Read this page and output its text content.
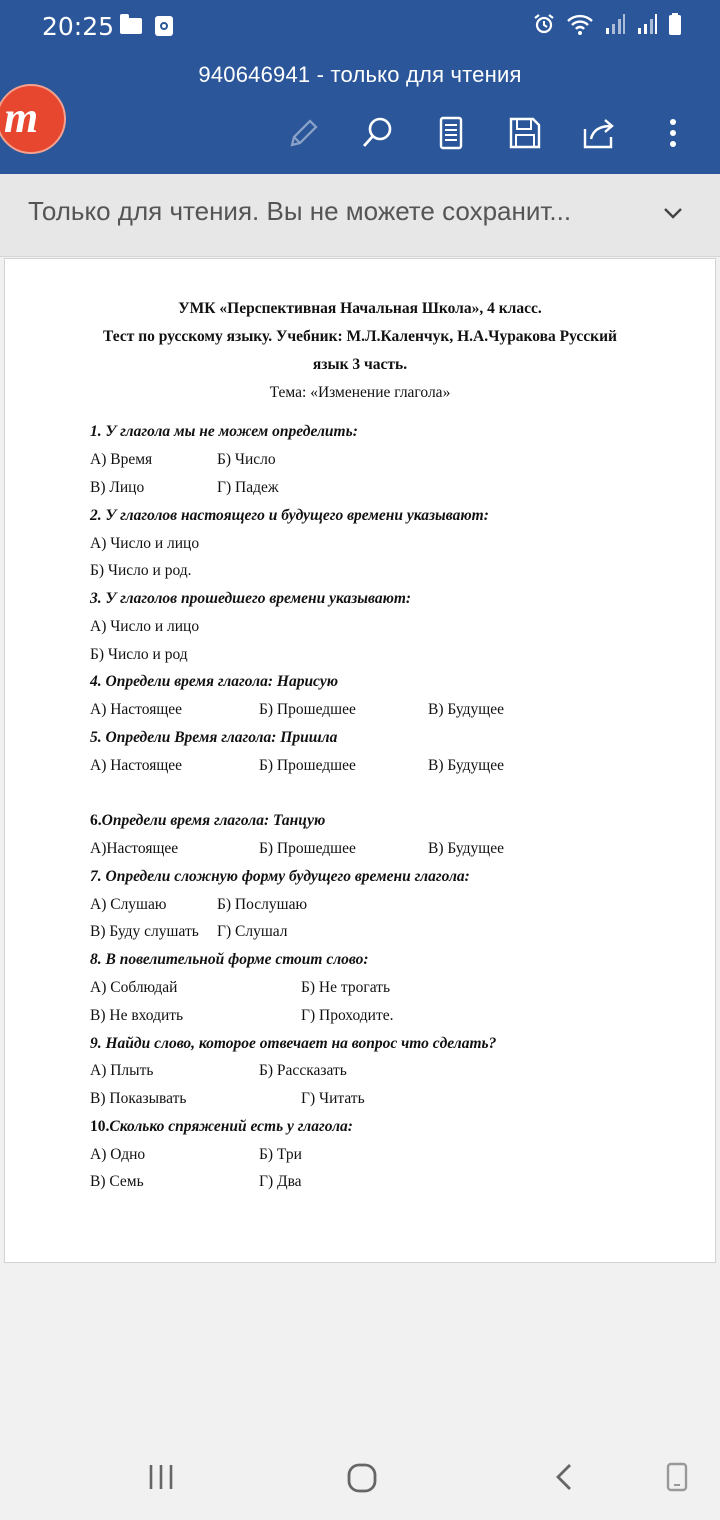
20:25
940646941 - только для чтения
m
Только для чтения. Вы не можете сохранит...
УМК «Перспективная Начальная Школа», 4 класс.
Тест по русскому языку. Учебник: М.Л.Каленчук, Н.А.Чуракова Русский
язык 3 часть.
Тема: «Изменение глагола»
1. У глагола мы не можем определить:
А) Время	Б) Число
В) Лицо	Г) Падеж
2. У глаголов настоящего и будущего времени указывают:
А) Число и лицо
Б) Число и род.
3. У глаголов прошедшего времени указывают:
А) Число и лицо
Б) Число и род
4. Определи время глагола: Нарисую
А) Настоящее	Б) Прошедшее	В) Будущее
5. Определи Время глагола: Пришла
А) Настоящее	Б) Прошедшее	В) Будущее
6.Определи время глагола: Танцую
А)Настоящее	Б) Прошедшее	В) Будущее
7. Определи сложную форму будущего времени глагола:
А) Слушаю	Б) Послушаю
В) Буду слушать Г) Слушал
8. В повелительной форме стоит слово:
А) Соблюдай	Б) Не трогать
В) Не входить	Г) Проходите.
9. Найди слово, которое отвечает на вопрос что сделать?
А) Плыть	Б) Рассказать
В) Показывать	Г) Читать
10.Сколько спряжений есть у глагола:
А) Одно	Б) Три
В) Семь	Г) Два
